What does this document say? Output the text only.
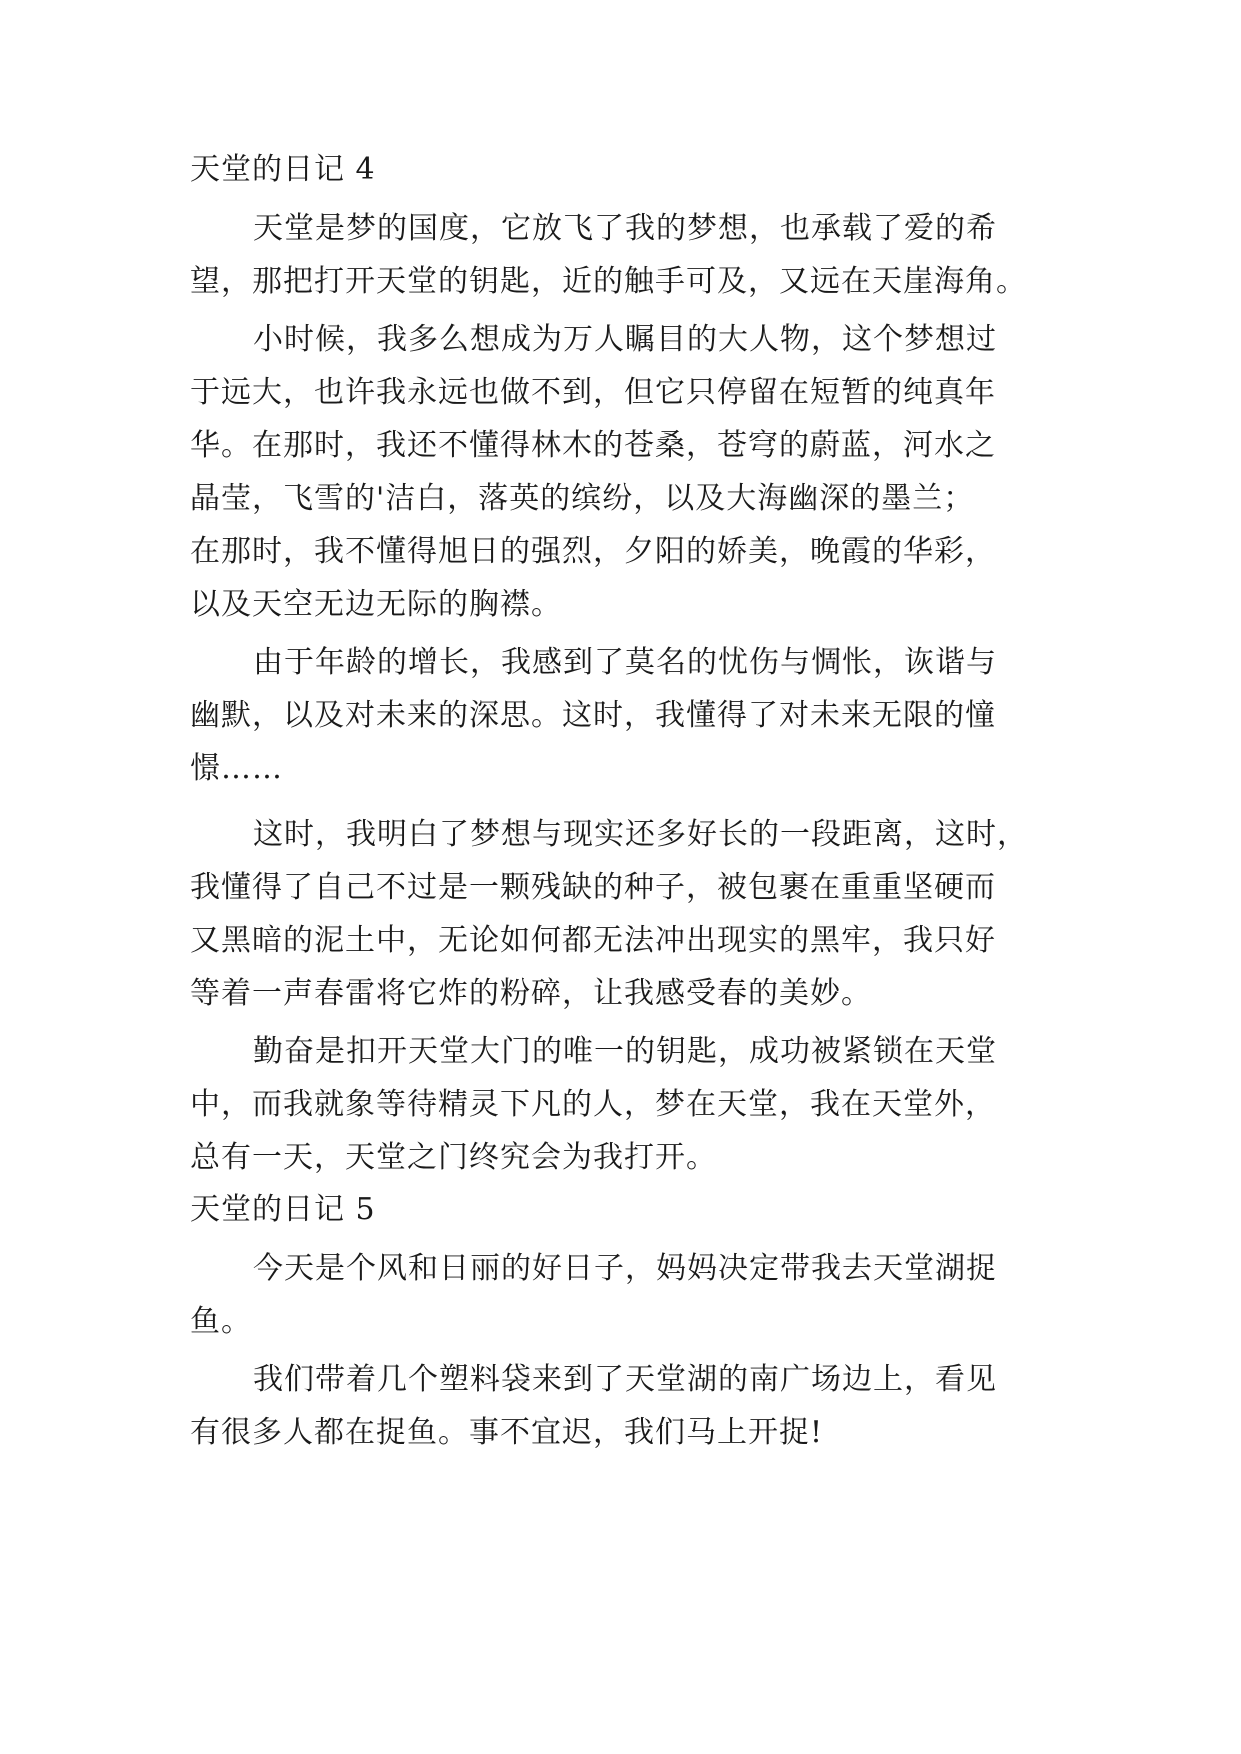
天堂的日记 4
天堂是梦的国度，它放飞了我的梦想，也承载了爱的希
望，那把打开天堂的钥匙，近的触手可及，又远在天崖海角。
小时候，我多么想成为万人瞩目的大人物，这个梦想过
于远大，也许我永远也做不到，但它只停留在短暂的纯真年
华。在那时，我还不懂得林木的苍桑，苍穹的蔚蓝，河水之
晶莹，飞雪的'洁白，落英的缤纷，以及大海幽深的墨兰；
在那时，我不懂得旭日的强烈，夕阳的娇美，晚霞的华彩，
以及天空无边无际的胸襟。
由于年龄的增长，我感到了莫名的忧伤与惆怅，诙谐与
幽默，以及对未来的深思。这时，我懂得了对未来无限的憧
憬……
这时，我明白了梦想与现实还多好长的一段距离，这时，
我懂得了自己不过是一颗残缺的种子，被包裹在重重坚硬而
又黑暗的泥土中，无论如何都无法冲出现实的黑牢，我只好
等着一声春雷将它炸的粉碎，让我感受春的美妙。
勤奋是扣开天堂大门的唯一的钥匙，成功被紧锁在天堂
中，而我就象等待精灵下凡的人，梦在天堂，我在天堂外，
总有一天，天堂之门终究会为我打开。
天堂的日记 5
今天是个风和日丽的好日子，妈妈决定带我去天堂湖捉
鱼。
我们带着几个塑料袋来到了天堂湖的南广场边上，看见
有很多人都在捉鱼。事不宜迟，我们马上开捉!
